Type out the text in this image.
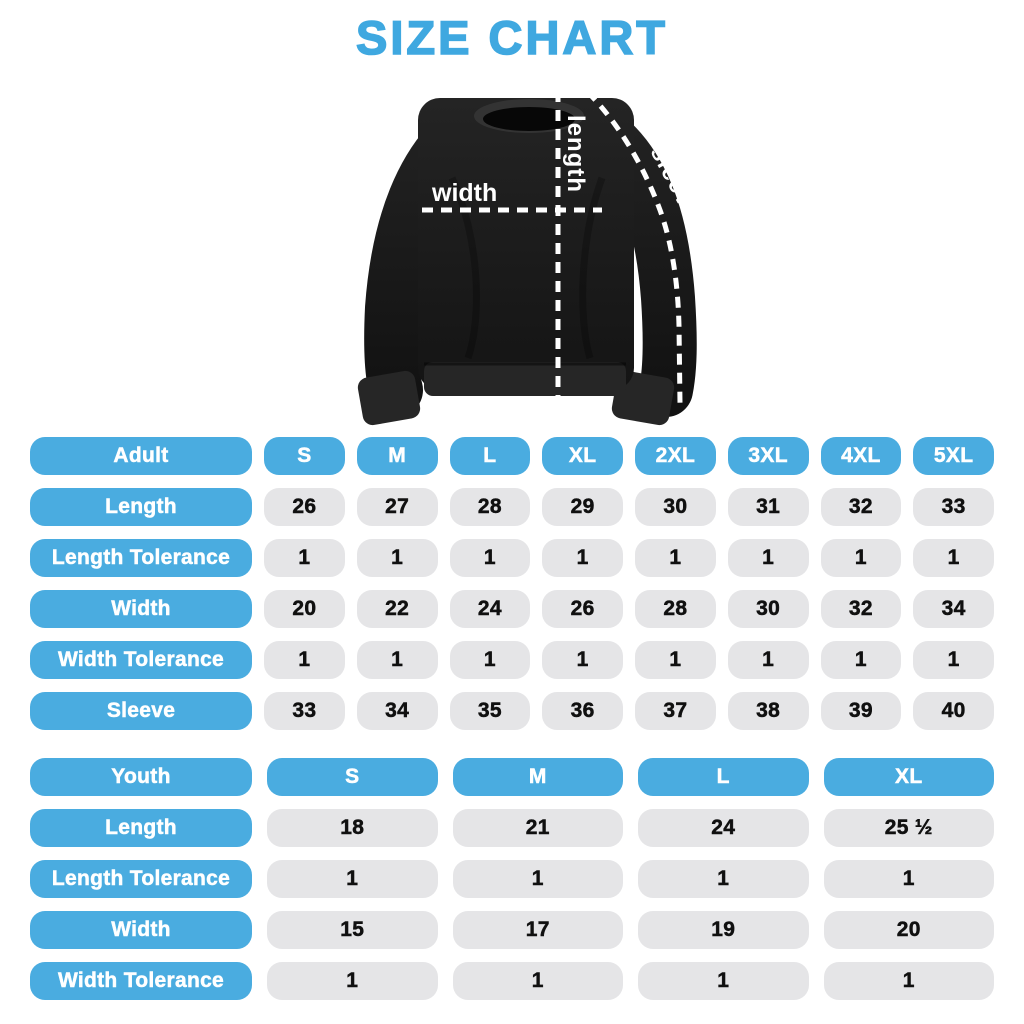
SIZE CHART
width	length sleeve
Adult	S	M	L	XL	2XL	3XL	4XL	5XL
Length	26	27	28	29	30	31	32	33
Length Tolerance	1	1	1	1	1	1	1	1
Width	20	22	24	26	28	30	32	34
Width Tolerance	1	1	1	1	1	1	1	1
Sleeve	33	34	35	36	37	38	39	40
Youth	S	M	L	XL
Length	18	21	24	25 ½
Length Tolerance	1	1	1	1
Width	15	17	19	20
Width Tolerance	1	1	1	1
